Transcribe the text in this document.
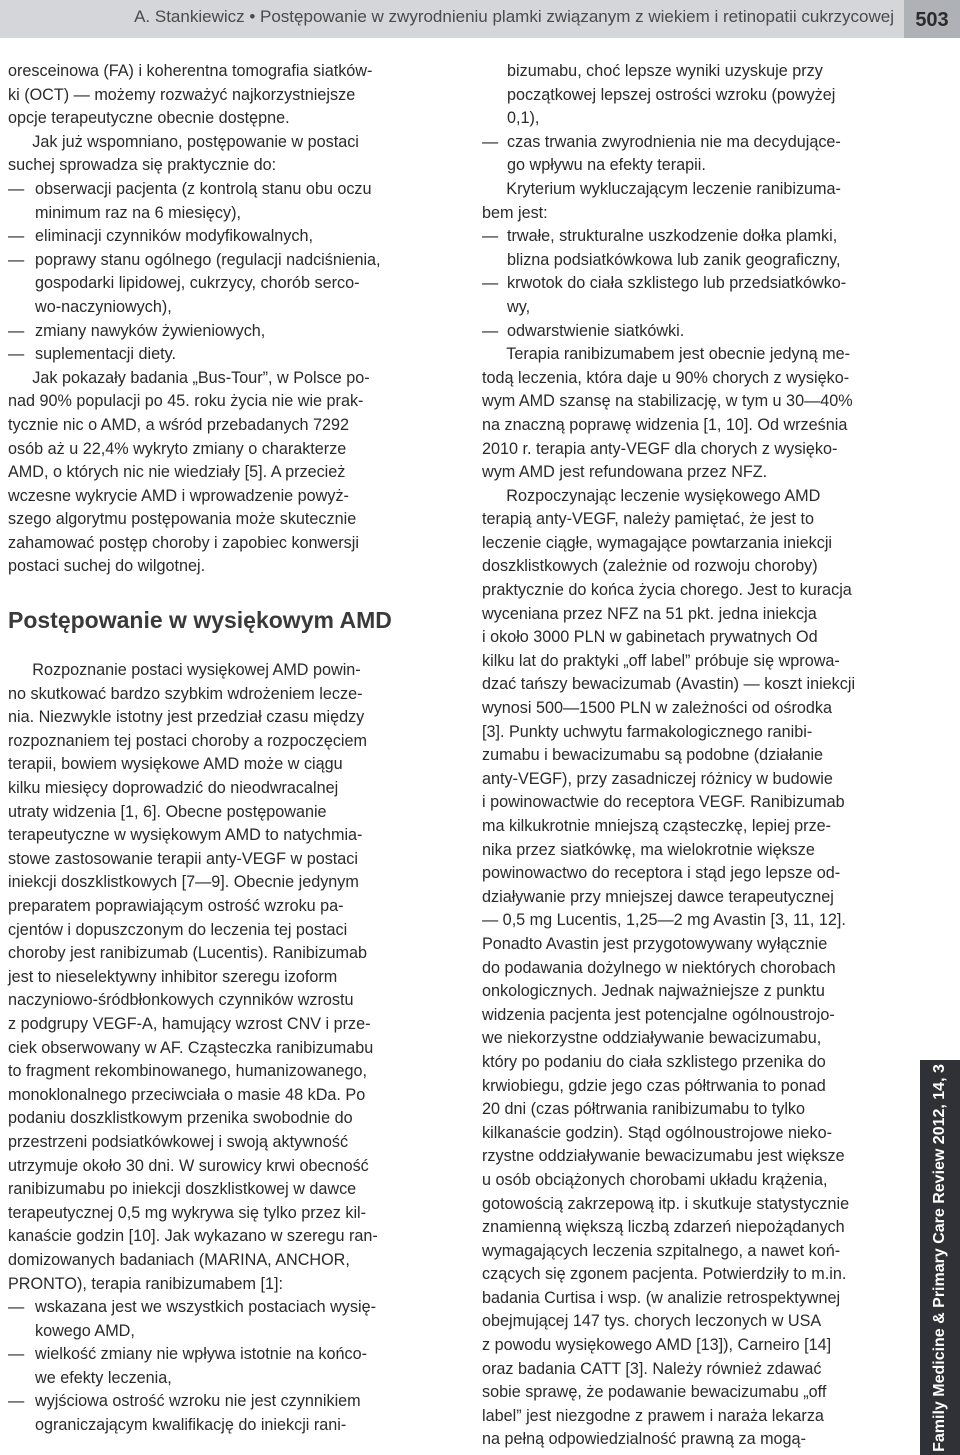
A. Stankiewicz • Postępowanie w zwyrodnieniu plamki związanym z wiekiem i retinopatii cukrzycowej	503
oresceinowa (FA) i koherentna tomografia siatków-
ki (OCT) — możemy rozważyć najkorzystniejsze
opcje terapeutyczne obecnie dostępne.
  Jak już wspomniano, postępowanie w postaci
suchej sprowadza się praktycznie do:
— obserwacji pacjenta (z kontrolą stanu obu oczu
minimum raz na 6 miesięcy),
— eliminacji czynników modyfikowalnych,
— poprawy stanu ogólnego (regulacji nadciśnienia,
gospodarki lipidowej, cukrzycy, chorób serco-
wo-naczyniowych),
— zmiany nawyków żywieniowych,
— suplementacji diety.
  Jak pokazały badania „Bus-Tour”, w Polsce po-
nad 90% populacji po 45. roku życia nie wie prak-
tycznie nic o AMD, a wśród przebadanych 7292
osób aż u 22,4% wykryto zmiany o charakterze
AMD, o których nic nie wiedziały [5]. A przecież
wczesne wykrycie AMD i wprowadzenie powyż-
szego algorytmu postępowania może skutecznie
zahamować postęp choroby i zapobiec konwersji
postaci suchej do wilgotnej.
Postępowanie w wysiękowym AMD
  Rozpoznanie postaci wysiękowej AMD powin-
no skutkować bardzo szybkim wdrożeniem lecze-
nia. Niezwykle istotny jest przedział czasu między
rozpoznaniem tej postaci choroby a rozpoczęciem
terapii, bowiem wysiękowe AMD może w ciągu
kilku miesięcy doprowadzić do nieodwracalnej
utraty widzenia [1, 6]. Obecne postępowanie
terapeutyczne w wysiękowym AMD to natychmia-
stowe zastosowanie terapii anty-VEGF w postaci
iniekcji doszklistkowych [7—9]. Obecnie jedynym
preparatem poprawiającym ostrość wzroku pa-
cjentów i dopuszczonym do leczenia tej postaci
choroby jest ranibizumab (Lucentis). Ranibizumab
jest to nieselektywny inhibitor szeregu izoform
naczyniowo-śródbłonkowych czynników wzrostu
z podgrupy VEGF-A, hamujący wzrost CNV i prze-
ciek obserwowany w AF. Cząsteczka ranibizumabu
to fragment rekombinowanego, humanizowanego,
monoklonalnego przeciwciała o masie 48 kDa. Po
podaniu doszklistkowym przenika swobodnie do
przestrzeni podsiatkówkowej i swoją aktywność
utrzymuje około 30 dni. W surowicy krwi obecność
ranibizumabu po iniekcji doszklistkowej w dawce
terapeutycznej 0,5 mg wykrywa się tylko przez kil-
kanaście godzin [10]. Jak wykazano w szeregu ran-
domizowanych badaniach (MARINA, ANCHOR,
PRONTO), terapia ranibizumabem [1]:
— wskazana jest we wszystkich postaciach wysię-
kowego AMD,
— wielkość zmiany nie wpływa istotnie na końco-
we efekty leczenia,
— wyjściowa ostrość wzroku nie jest czynnikiem
ograniczającym kwalifikację do iniekcji rani-
bizumabu, choć lepsze wyniki uzyskuje przy
początkowej lepszej ostrości wzroku (powyżej
0,1),
— czas trwania zwyrodnienia nie ma decydujące-
go wpływu na efekty terapii.
  Kryterium wykluczającym leczenie ranibizuma-
bem jest:
— trwałe, strukturalne uszkodzenie dołka plamki,
blizna podsiatkówkowa lub zanik geograficzny,
— krwotok do ciała szklistego lub przedsiatkówko-
wy,
— odwarstwienie siatkówki.
  Terapia ranibizumabem jest obecnie jedyną me-
todą leczenia, która daje u 90% chorych z wysięko-
wym AMD szansę na stabilizację, w tym u 30—40%
na znaczną poprawę widzenia [1, 10]. Od września
2010 r. terapia anty-VEGF dla chorych z wysięko-
wym AMD jest refundowana przez NFZ.
  Rozpoczynając leczenie wysiękowego AMD
terapią anty-VEGF, należy pamiętać, że jest to
leczenie ciągłe, wymagające powtarzania iniekcji
doszklistkowych (zależnie od rozwoju choroby)
praktycznie do końca życia chorego. Jest to kuracja
wyceniana przez NFZ na 51 pkt. jedna iniekcja
i około 3000 PLN w gabinetach prywatnych Od
kilku lat do praktyki „off label” próbuje się wprowa-
dzać tańszy bewacizumab (Avastin) — koszt iniekcji
wynosi 500—1500 PLN w zależności od ośrodka
[3]. Punkty uchwytu farmakologicznego ranibi-
zumabu i bewacizumabu są podobne (działanie
anty-VEGF), przy zasadniczej różnicy w budowie
i powinowactwie do receptora VEGF. Ranibizumab
ma kilkukrotnie mniejszą cząsteczkę, lepiej prze-
nika przez siatkówkę, ma wielokrotnie większe
powinowactwo do receptora i stąd jego lepsze od-
działywanie przy mniejszej dawce terapeutycznej
— 0,5 mg Lucentis, 1,25—2 mg Avastin [3, 11, 12].
Ponadto Avastin jest przygotowywany wyłącznie
do podawania dożylnego w niektórych chorobach
onkologicznych. Jednak najważniejsze z punktu
widzenia pacjenta jest potencjalne ogólnoustrojo-
we niekorzystne oddziaływanie bewacizumabu,
który po podaniu do ciała szklistego przenika do
krwiobiegu, gdzie jego czas półtrwania to ponad
20 dni (czas półtrwania ranibizumabu to tylko
kilkanaście godzin). Stąd ogólnoustrojowe nieko-
rzystne oddziaływanie bewacizumabu jest większe
u osób obciążonych chorobami układu krążenia,
gotowością zakrzepową itp. i skutkuje statystycznie
znamienną większą liczbą zdarzeń niepożądanych
wymagających leczenia szpitalnego, a nawet koń-
czących się zgonem pacjenta. Potwierdziły to m.in.
badania Curtisa i wsp. (w analizie retrospektywnej
obejmującej 147 tys. chorych leczonych w USA
z powodu wysiękowego AMD [13]), Carneiro [14]
oraz badania CATT [3]. Należy również zdawać
sobie sprawę, że podawanie bewacizumabu „off
label” jest niezgodne z prawem i naraża lekarza
na pełną odpowiedzialność prawną za mogą-	Family Medicine & Primary Care Review 2012, 14, 3
